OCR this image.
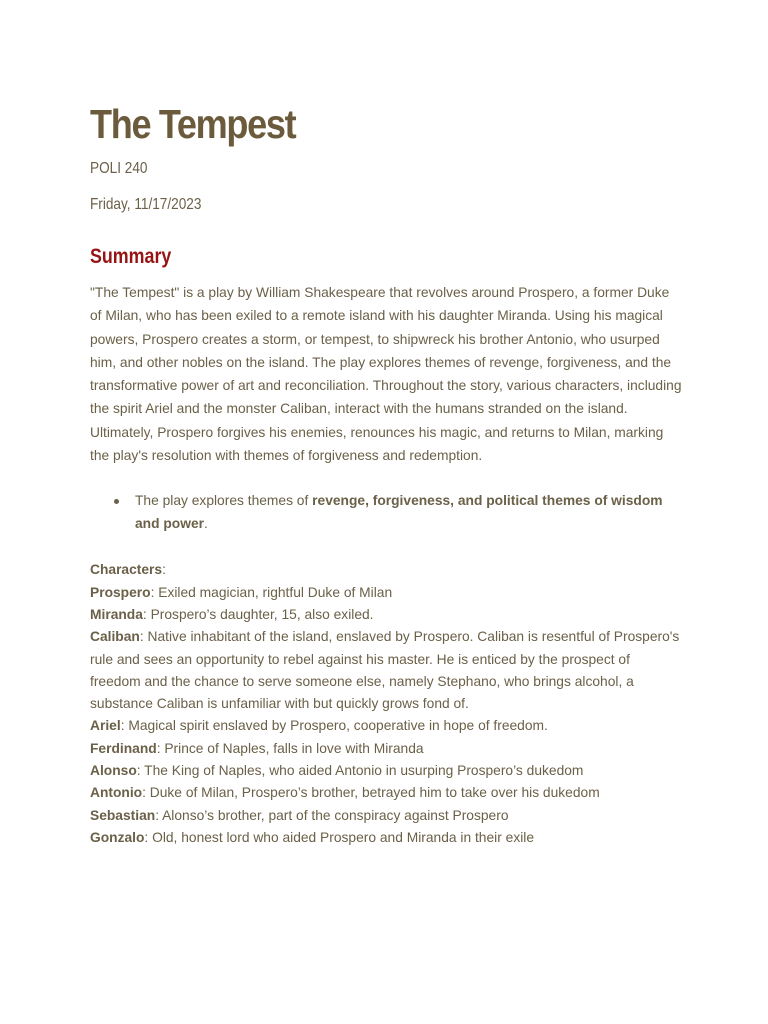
The Tempest

POLI 240

Friday, 11/17/2023

Summary

"The Tempest" is a play by William Shakespeare that revolves around Prospero, a former Duke of Milan, who has been exiled to a remote island with his daughter Miranda. Using his magical powers, Prospero creates a storm, or tempest, to shipwreck his brother Antonio, who usurped him, and other nobles on the island. The play explores themes of revenge, forgiveness, and the transformative power of art and reconciliation. Throughout the story, various characters, including the spirit Ariel and the monster Caliban, interact with the humans stranded on the island. Ultimately, Prospero forgives his enemies, renounces his magic, and returns to Milan, marking the play's resolution with themes of forgiveness and redemption.

The play explores themes of revenge, forgiveness, and political themes of wisdom and power.

Characters:

Prospero: Exiled magician, rightful Duke of Milan

Miranda: Prospero’s daughter, 15, also exiled.

Caliban: Native inhabitant of the island, enslaved by Prospero. Caliban is resentful of Prospero's rule and sees an opportunity to rebel against his master. He is enticed by the prospect of freedom and the chance to serve someone else, namely Stephano, who brings alcohol, a substance Caliban is unfamiliar with but quickly grows fond of.

Ariel: Magical spirit enslaved by Prospero, cooperative in hope of freedom.

Ferdinand: Prince of Naples, falls in love with Miranda

Alonso: The King of Naples, who aided Antonio in usurping Prospero’s dukedom

Antonio: Duke of Milan, Prospero’s brother, betrayed him to take over his dukedom

Sebastian: Alonso’s brother, part of the conspiracy against Prospero

Gonzalo: Old, honest lord who aided Prospero and Miranda in their exile
